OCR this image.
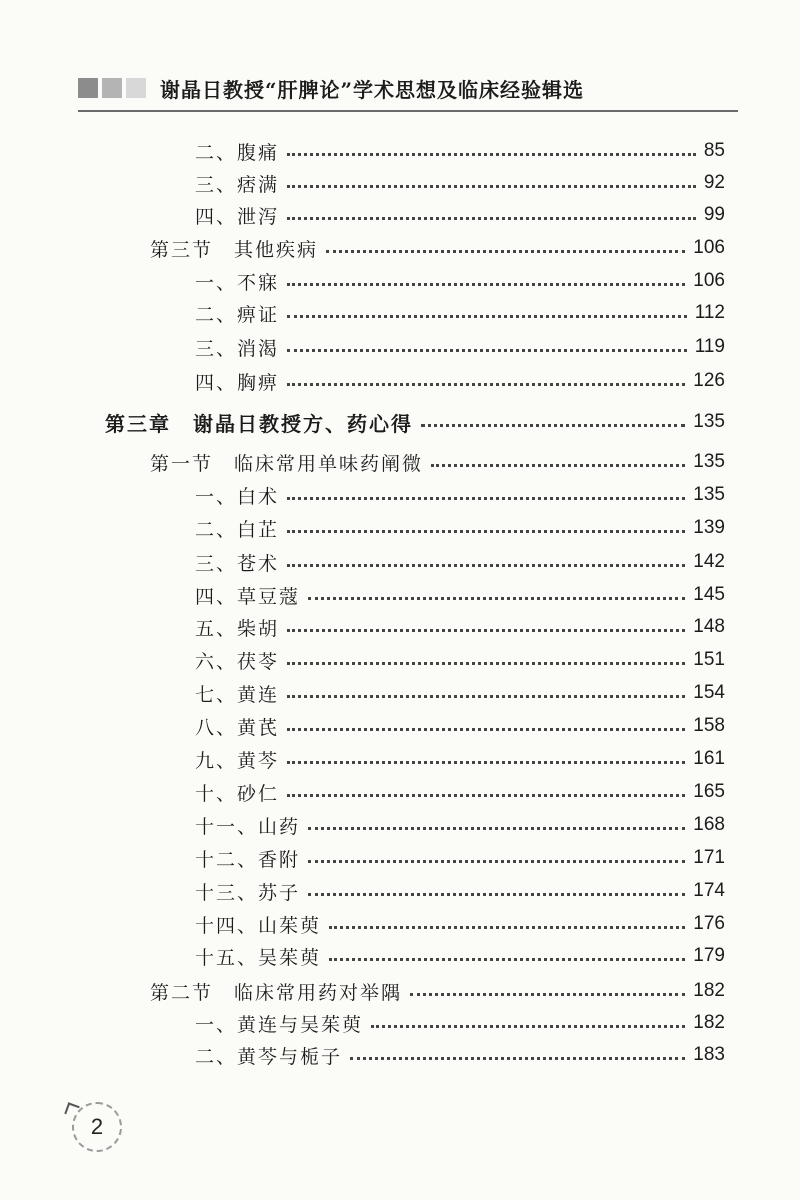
谢晶日教授“肝脾论”学术思想及临床经验辑选
二、腹痛	85
三、痞满	92
四、泄泻	99
第三节　其他疾病	106
一、不寐	106
二、痹证	112
三、消渴	119
四、胸痹	126
第三章　谢晶日教授方、药心得	135
第一节　临床常用单味药阐微	135
一、白术	135
二、白芷	139
三、苍术	142
四、草豆蔻	145
五、柴胡	148
六、茯苓	151
七、黄连	154
八、黄芪	158
九、黄芩	161
十、砂仁	165
十一、山药	168
十二、香附	171
十三、苏子	174
十四、山茱萸	176
十五、吴茱萸	179
第二节　临床常用药对举隅	182
一、黄连与吴茱萸	182
二、黄芩与栀子	183
2
